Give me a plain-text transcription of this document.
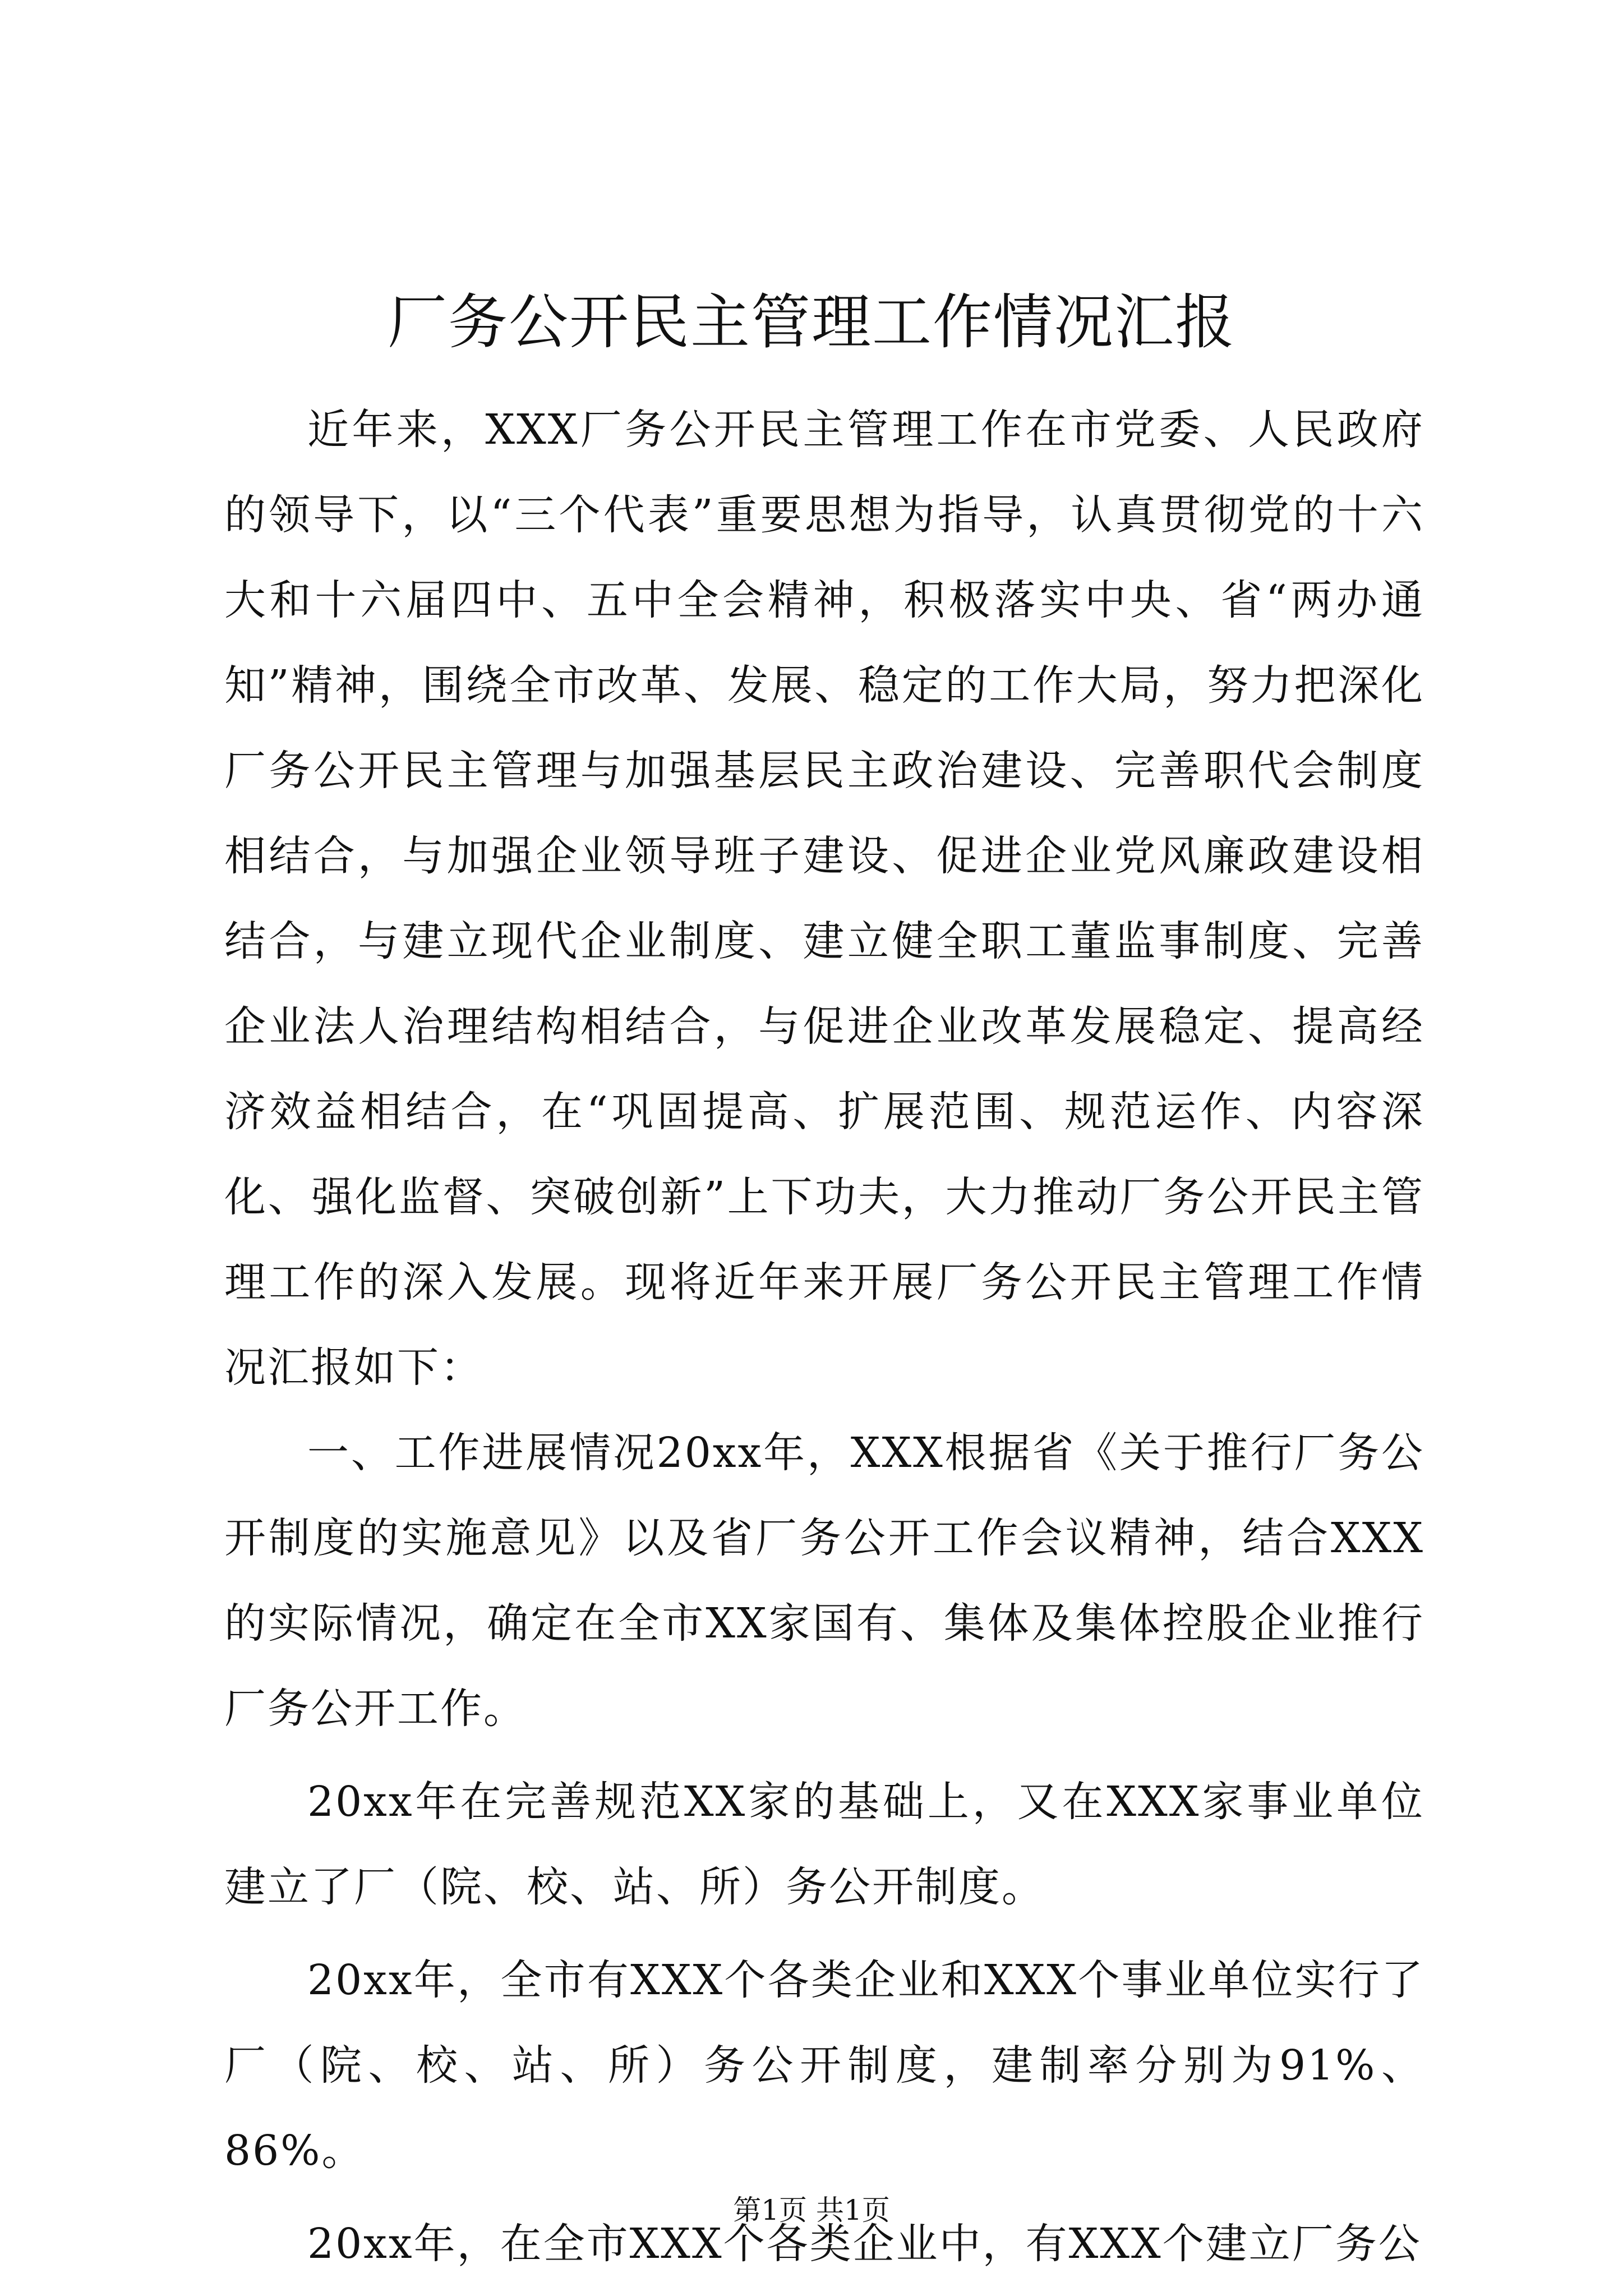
厂务公开民主管理工作情况汇报

近年来，XXX厂务公开民主管理工作在市党委、人民政府的领导下，以“三个代表”重要思想为指导，认真贯彻党的十六大和十六届四中、五中全会精神，积极落实中央、省“两办通知”精神，围绕全市改革、发展、稳定的工作大局，努力把深化厂务公开民主管理与加强基层民主政治建设、完善职代会制度相结合，与加强企业领导班子建设、促进企业党风廉政建设相结合，与建立现代企业制度、建立健全职工董监事制度、完善企业法人治理结构相结合，与促进企业改革发展稳定、提高经济效益相结合，在“巩固提高、扩展范围、规范运作、内容深化、强化监督、突破创新”上下功夫，大力推动厂务公开民主管理工作的深入发展。现将近年来开展厂务公开民主管理工作情况汇报如下：

一、工作进展情况20xx年，XXX根据省《关于推行厂务公开制度的实施意见》以及省厂务公开工作会议精神，结合XXX的实际情况，确定在全市XX家国有、集体及集体控股企业推行厂务公开工作。

20xx年在完善规范XX家的基础上，又在XXX家事业单位建立了厂（院、校、站、所）务公开制度。

20xx年，全市有XXX个各类企业和XXX个事业单位实行了厂（院、校、站、所）务公开制度，建制率分别为91%、86%。

20xx年，在全市XXX个各类企业中，有XXX个建立厂务公

第1页 共1页
